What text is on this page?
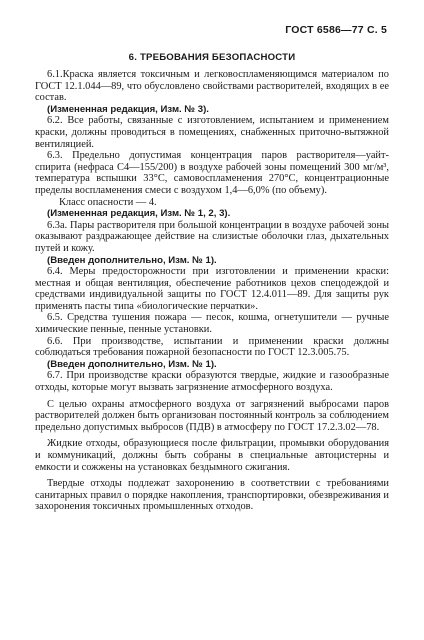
ГОСТ 6586—77 С. 5
6. ТРЕБОВАНИЯ БЕЗОПАСНОСТИ

6.1.Краска является токсичным и легковоспламеняющимся материалом по ГОСТ 12.1.044—89, что обусловлено свойствами растворителей, входящих в ее состав.

(Измененная редакция, Изм. № 3).

6.2. Все работы, связанные с изготовлением, испытанием и применением краски, должны проводиться в помещениях, снабженных приточно-вытяжной вентиляцией.

6.3. Предельно допустимая концентрация паров растворителя—уайт-спирита (нефраса С4—155/200) в воздухе рабочей зоны помещений 300 мг/м³, температура вспышки 33°С, самовоспламенения 270°С, концентрационные пределы воспламенения смеси с воздухом 1,4—6,0% (по объему).

Класс опасности — 4.

(Измененная редакция, Изм. № 1, 2, 3).

6.3а. Пары растворителя при большой концентрации в воздухе рабочей зоны оказывают раздражающее действие на слизистые оболочки глаз, дыхательных путей и кожу.

(Введен дополнительно, Изм. № 1).

6.4. Меры предосторожности при изготовлении и применении краски: местная и общая вентиляция, обеспечение работников цехов спецодеждой и средствами индивидуальной защиты по ГОСТ 12.4.011—89. Для защиты рук применять пасты типа «биологические перчатки».

6.5. Средства тушения пожара — песок, кошма, огнетушители — ручные химические пенные, пенные установки.

6.6. При производстве, испытании и применении краски должны соблюдаться требования пожарной безопасности по ГОСТ 12.3.005.75.

(Введен дополнительно, Изм. № 1).

6.7. При производстве краски образуются твердые, жидкие и газообразные отходы, которые могут вызвать загрязнение атмосферного воздуха.

С целью охраны атмосферного воздуха от загрязнений выбросами паров растворителей должен быть организован постоянный контроль за соблюдением предельно допустимых выбросов (ПДВ) в атмосферу по ГОСТ 17.2.3.02—78.

Жидкие отходы, образующиеся после фильтрации, промывки оборудования и коммуникаций, должны быть собраны в специальные автоцистерны и емкости и сожжены на установках бездымного сжигания.

Твердые отходы подлежат захоронению в соответствии с требованиями санитарных правил о порядке накопления, транспортировки, обезвреживания и захоронения токсичных промышленных отходов.
